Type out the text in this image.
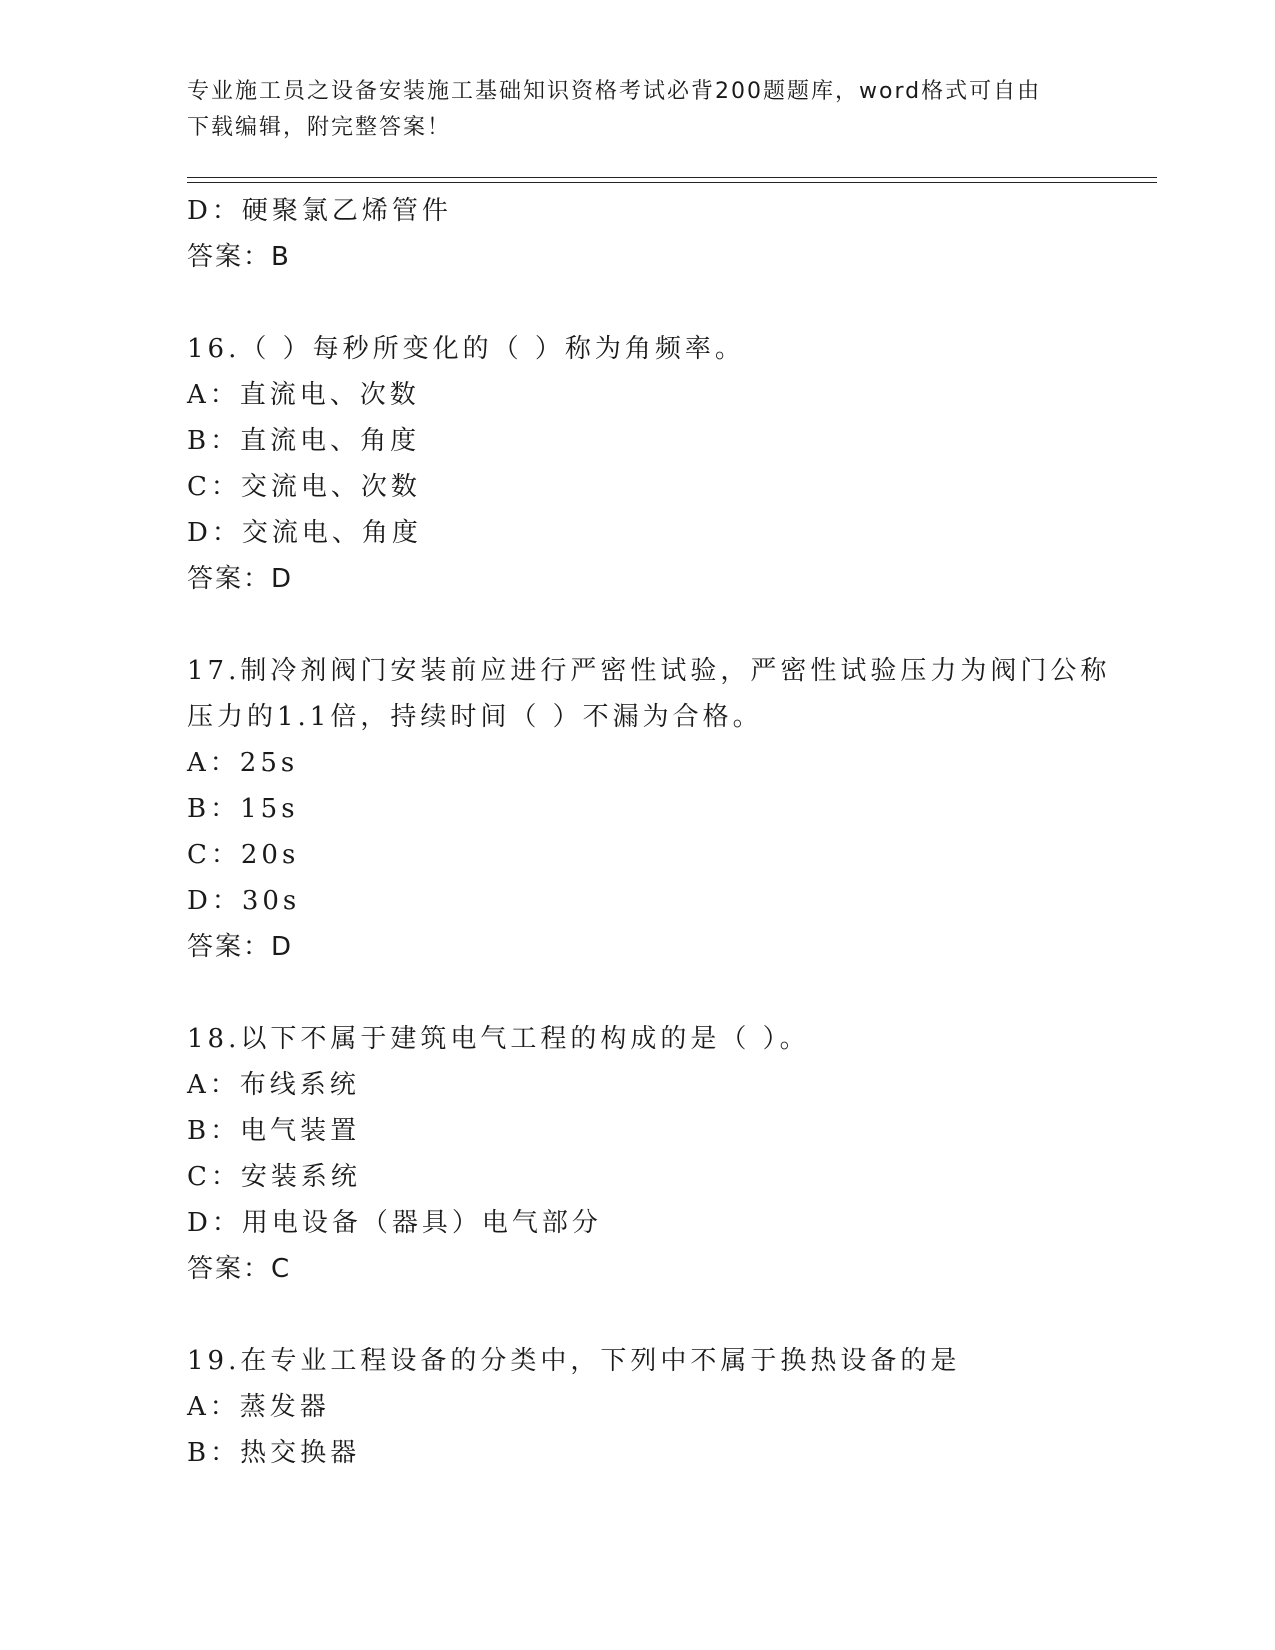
专业施工员之设备安装施工基础知识资格考试必背200题题库，word格式可自由
下载编辑，附完整答案！
D：硬聚氯乙烯管件
答案：B
16.（ ）每秒所变化的（ ）称为角频率。
A：直流电、次数
B：直流电、角度
C：交流电、次数
D：交流电、角度
答案：D
17.制冷剂阀门安装前应进行严密性试验，严密性试验压力为阀门公称
压力的1.1倍，持续时间（ ）不漏为合格。
A：25s
B：15s
C：20s
D：30s
答案：D
18.以下不属于建筑电气工程的构成的是（ ）。
A：布线系统
B：电气装置
C：安装系统
D：用电设备（器具）电气部分
答案：C
19.在专业工程设备的分类中，下列中不属于换热设备的是
A：蒸发器
B：热交换器
